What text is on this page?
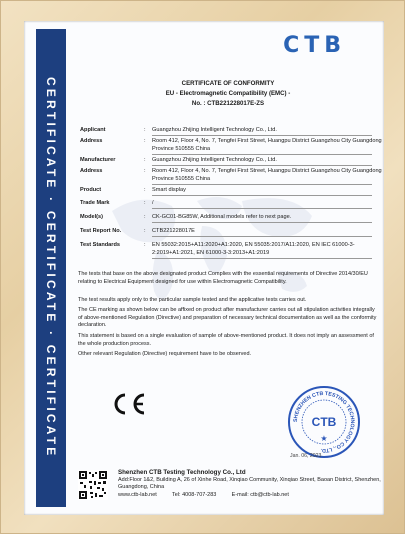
CERTIFICATE · CERTIFICATE · CERTIFICATE
CTB
CERTIFICATE OF CONFORMITY
EU - Electromagnetic Compatibility (EMC) -
No. : CTB221228017E-ZS
Applicant	: Guangzhou Zhijing Intelligent Technology Co., Ltd.
Address	: Room 412, Floor 4, No. 7, Tengfei First Street, Huangpu District Guangzhou City Guangdong Province 510555 China
Manufacturer	: Guangzhou Zhijing Intelligent Technology Co., Ltd.
Address	: Room 412, Floor 4, No. 7, Tengfei First Street, Huangpu District Guangzhou City Guangdong Province 510555 China
Product	: Smart display
Trade Mark	: /
Model(s)	: CK-GC01-BG85W, Additional models refer to next page.
Test Report No.	: CTB221228017E
Test Standards	: EN 55032:2015+A11:2020+A1:2020, EN 55035:2017/A11:2020, EN IEC 61000-3-2:2019+A1:2021, EN 61000-3-3:2013+A1:2019
The tests that base on the above designated product Complies with the essential requirements of Directive 2014/30/EU relating to Electrical Equipment designed for use within Electromagnetic Compatibility.
The test results apply only to the particular sample tested and the applicative tests carries out.
The CE marking as shown below can be affixed on product after manufacturer carries out all stipulation activities integrally of above-mentioned Regulation (Directive) and preparation of necessary technical documentation as well as the conformity declaration.
This statement is based on a single evaluation of sample of above-mentioned product. It does not imply an assessment of the whole production process.
Other relevant Regulation (Directive) requirement have to be observed.
SHENZHEN CTB TESTING TECHNOLOGY CO., LTD.
CTB
★
Jan. 06, 2023
Shenzhen CTB Testing Technology Co., Ltd
Add:Floor 1&2, Building A, 26 of Xinhe Road, Xinqiao Community, Xinqiao Street, Baoan District, Shenzhen, Guangdong, China
www.ctb-lab.net          Tel: 4008-707-283          E-mail: ctb@ctb-lab.net
